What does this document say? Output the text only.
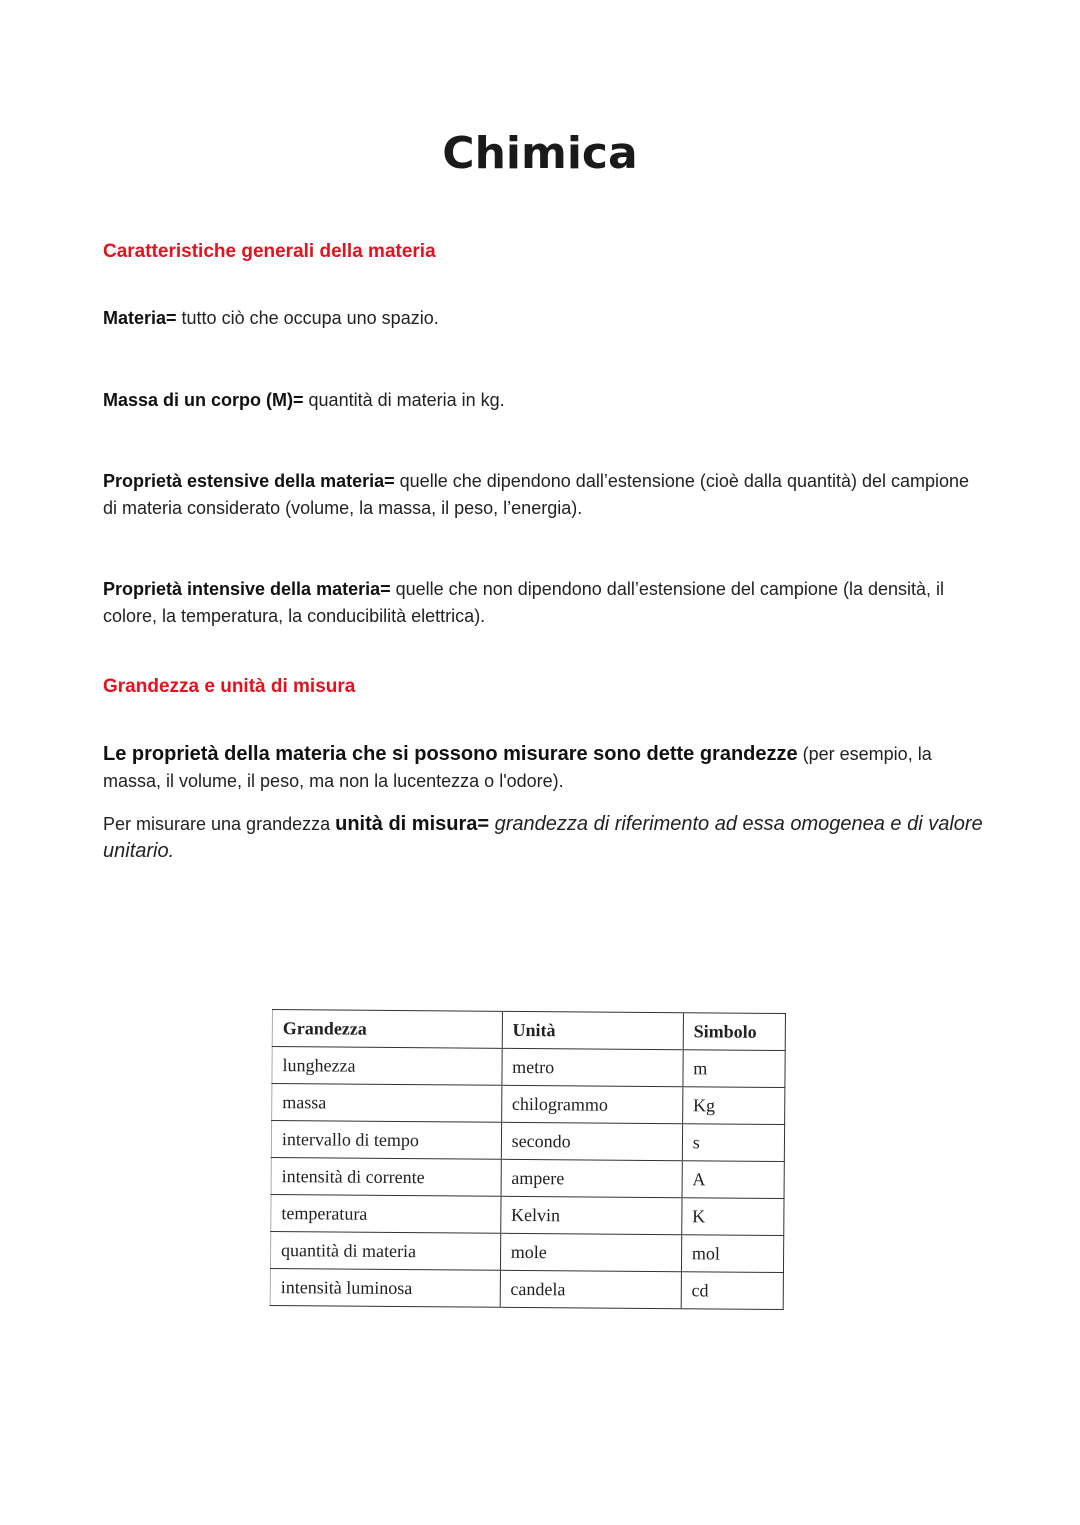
Chimica
Caratteristiche generali della materia

Materia= tutto ciò che occupa uno spazio.

Massa di un corpo (M)= quantità di materia in kg.

Proprietà estensive della materia= quelle che dipendono dall’estensione (cioè dalla quantità) del campione di materia considerato (volume, la massa, il peso, l’energia).

Proprietà intensive della materia= quelle che non dipendono dall’estensione del campione (la densità, il colore, la temperatura, la conducibilità elettrica).

Grandezza e unità di misura

Le proprietà della materia che si possono misurare sono dette grandezze (per esempio, la massa, il volume, il peso, ma non la lucentezza o l'odore).

Per misurare una grandezza unità di misura= grandezza di riferimento ad essa omogenea e di valore unitario.

Grandezza	Unità	Simbolo
lunghezza	metro	m
massa	chilogrammo	Kg
intervallo di tempo	secondo	s
intensità di corrente	ampere	A
temperatura	Kelvin	K
quantità di materia	mole	mol
intensità luminosa	candela	cd
